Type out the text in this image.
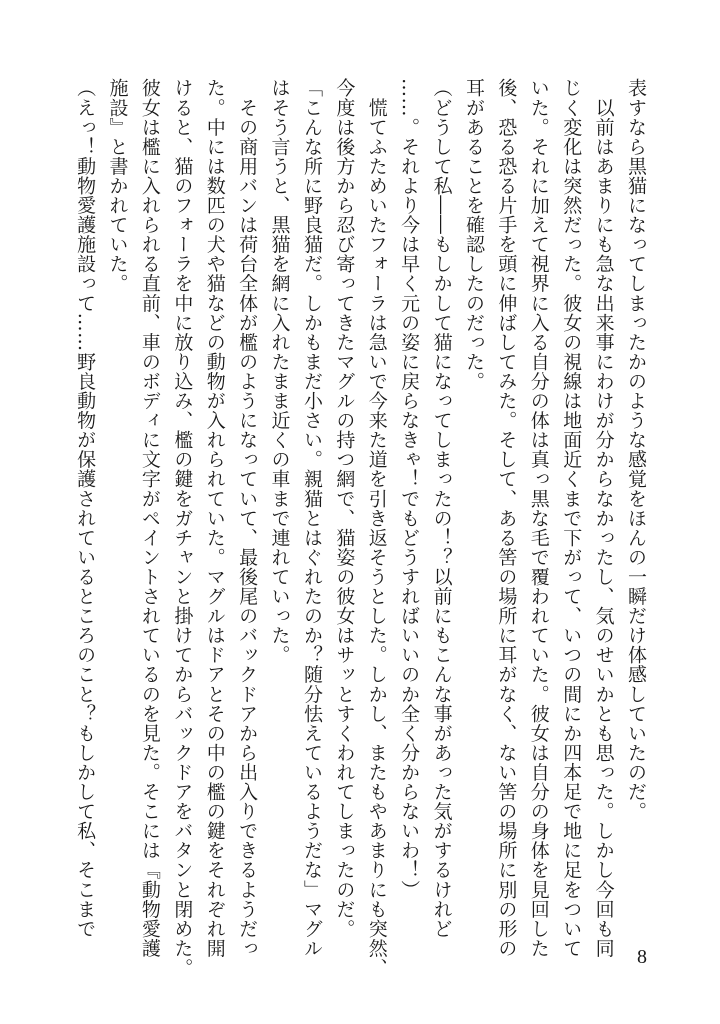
表すなら黒猫になってしまったかのような感覚をほんの一瞬だけ体感していたのだ。

　以前はあまりにも急な出来事にわけが分からなかったし、気のせいかとも思った。しかし今回も同

じく変化は突然だった。彼女の視線は地面近くまで下がって、いつの間にか四本足で地に足をついて

いた。それに加えて視界に入る自分の体は真っ黒な毛で覆われていた。彼女は自分の身体を見回した

後、恐る恐る片手を頭に伸ばしてみた。そして、ある筈の場所に耳がなく、ない筈の場所に別の形の

耳があることを確認したのだった。

（どうして私――もしかして猫になってしまったの！？以前にもこんな事があった気がするけれど

……。それより今は早く元の姿に戻らなきゃ！でもどうすればいいのか全く分からないわ！）

　慌てふためいたフォーラは急いで今来た道を引き返そうとした。しかし、またもやあまりにも突然、

今度は後方から忍び寄ってきたマグルの持つ網で、猫姿の彼女はサッとすくわれてしまったのだ。

「こんな所に野良猫だ。しかもまだ小さい。親猫とはぐれたのか？随分怯えているようだな」マグル

はそう言うと、黒猫を網に入れたまま近くの車まで連れていった。

　その商用バンは荷台全体が檻のようになっていて、最後尾のバックドアから出入りできるようだっ

た。中には数匹の犬や猫などの動物が入れられていた。マグルはドアとその中の檻の鍵をそれぞれ開

けると、猫のフォーラを中に放り込み、檻の鍵をガチャンと掛けてからバックドアをバタンと閉めた。

彼女は檻に入れられる直前、車のボディに文字がペイントされているのを見た。そこには『動物愛護

施設』と書かれていた。

（えっ！動物愛護施設って……野良動物が保護されているところのこと？もしかして私、そこまで

8
